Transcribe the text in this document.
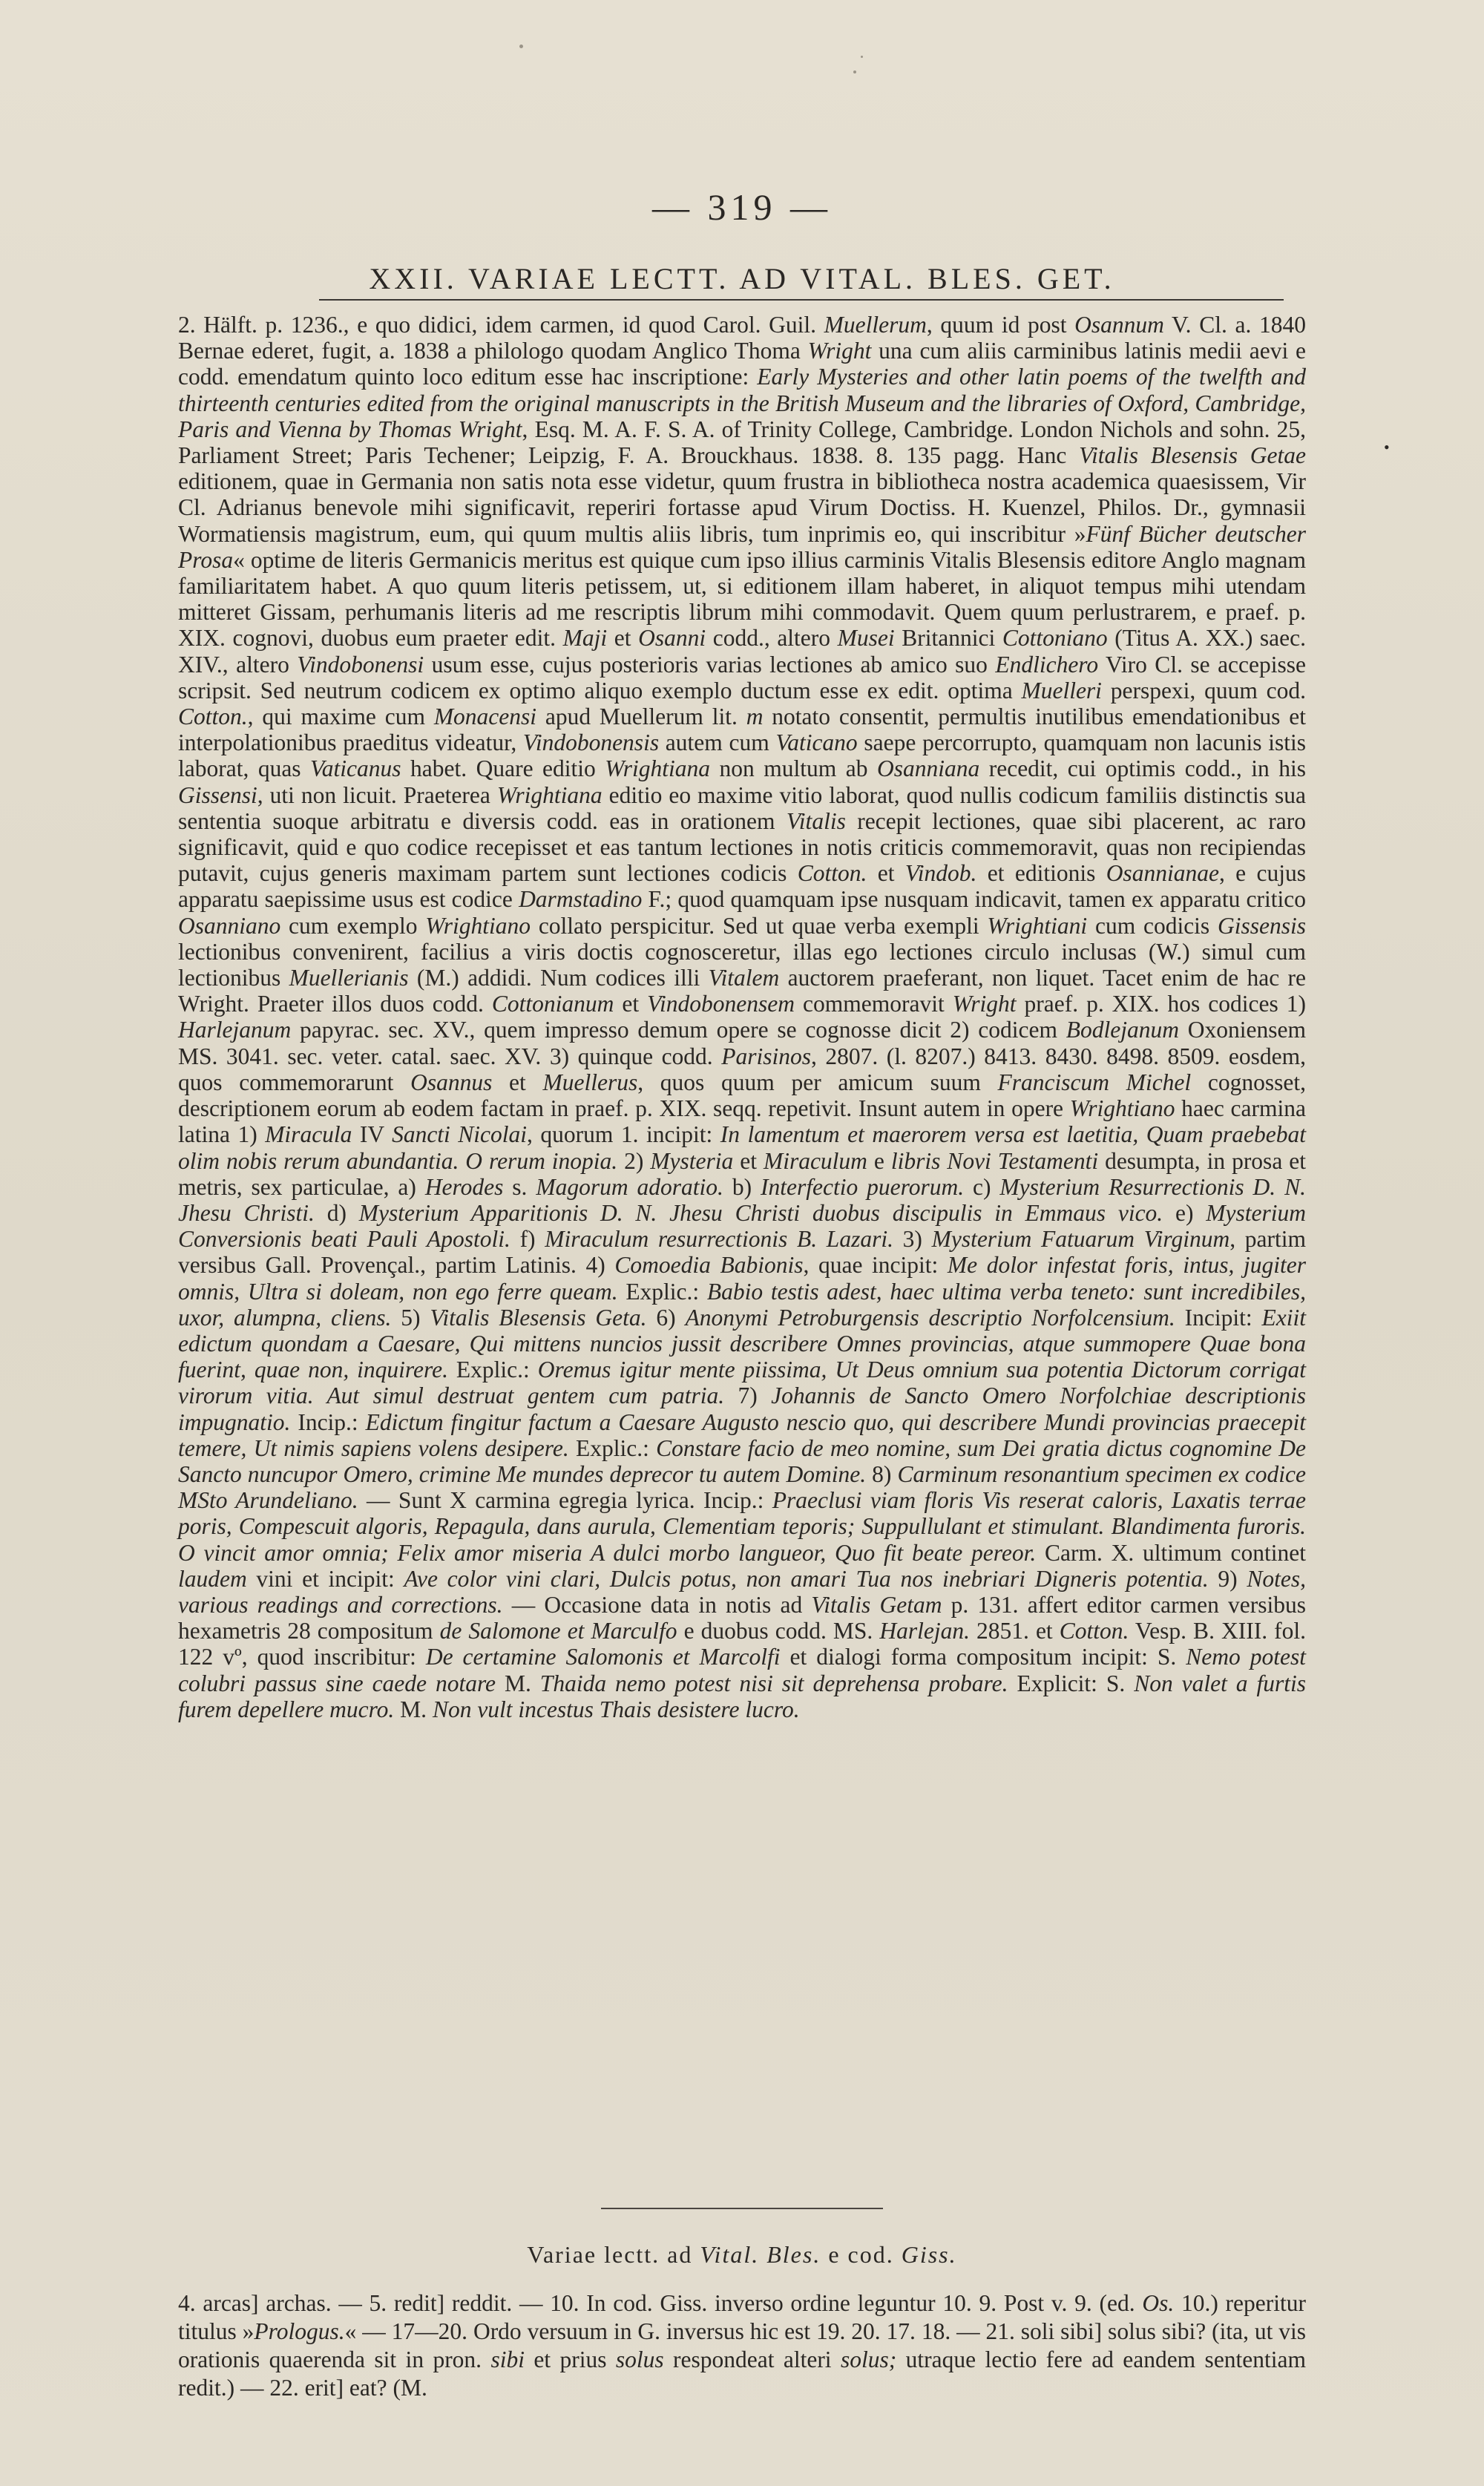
— 319 —
XXII. VARIAE LECTT. AD VITAL. BLES. GET.
•
2. Hälft. p. 1236., e quo didici, idem carmen, id quod Carol. Guil. Muellerum, quum id post Osannum V. Cl. a. 1840 Bernae ederet, fugit, a. 1838 a philologo quodam Anglico Thoma Wright una cum aliis carminibus latinis medii aevi e codd. emendatum quinto loco editum esse hac inscriptione: Early Mysteries and other latin poems of the twelfth and thirteenth centuries edited from the original manuscripts in the British Museum and the libraries of Oxford, Cambridge, Paris and Vienna by Thomas Wright, Esq. M. A. F. S. A. of Trinity College, Cambridge. London Nichols and sohn. 25, Parliament Street; Paris Techener; Leipzig, F. A. Brouckhaus. 1838. 8. 135 pagg. Hanc Vitalis Blesensis Getae editionem, quae in Germania non satis nota esse videtur, quum frustra in bibliotheca nostra academica quaesissem, Vir Cl. Adrianus benevole mihi significavit, reperiri fortasse apud Virum Doctiss. H. Kuenzel, Philos. Dr., gymnasii Wormatiensis magistrum, eum, qui quum multis aliis libris, tum inprimis eo, qui inscribitur »Fünf Bücher deutscher Prosa« optime de literis Germanicis meritus est quique cum ipso illius carminis Vitalis Blesensis editore Anglo magnam familiaritatem habet. A quo quum literis petissem, ut, si editionem illam haberet, in aliquot tempus mihi utendam mitteret Gissam, perhumanis literis ad me rescriptis librum mihi commodavit. Quem quum perlustrarem, e praef. p. XIX. cognovi, duobus eum praeter edit. Maji et Osanni codd., altero Musei Britannici Cottoniano (Titus A. XX.) saec. XIV., altero Vindobonensi usum esse, cujus posterioris varias lectiones ab amico suo Endlichero Viro Cl. se accepisse scripsit. Sed neutrum codicem ex optimo aliquo exemplo ductum esse ex edit. optima Muelleri perspexi, quum cod. Cotton., qui maxime cum Monacensi apud Muellerum lit. m notato consentit, permultis inutilibus emendationibus et interpolationibus praeditus videatur, Vindobonensis autem cum Vaticano saepe percorrupto, quamquam non lacunis istis laborat, quas Vaticanus habet. Quare editio Wrightiana non multum ab Osanniana recedit, cui optimis codd., in his Gissensi, uti non licuit. Praeterea Wrightiana editio eo maxime vitio laborat, quod nullis codicum familiis distinctis sua sententia suoque arbitratu e diversis codd. eas in orationem Vitalis recepit lectiones, quae sibi placerent, ac raro significavit, quid e quo codice recepisset et eas tantum lectiones in notis criticis commemoravit, quas non recipiendas putavit, cujus generis maximam partem sunt lectiones codicis Cotton. et Vindob. et editionis Osannianae, e cujus apparatu saepissime usus est codice Darmstadino F.; quod quamquam ipse nusquam indicavit, tamen ex apparatu critico Osanniano cum exemplo Wrightiano collato perspicitur. Sed ut quae verba exempli Wrightiani cum codicis Gissensis lectionibus convenirent, facilius a viris doctis cognosceretur, illas ego lectiones circulo inclusas (W.) simul cum lectionibus Muellerianis (M.) addidi. Num codices illi Vitalem auctorem praeferant, non liquet. Tacet enim de hac re Wright. Praeter illos duos codd. Cottonianum et Vindobonensem commemoravit Wright praef. p. XIX. hos codices 1) Harlejanum papyrac. sec. XV., quem impresso demum opere se cognosse dicit 2) codicem Bodlejanum Oxoniensem MS. 3041. sec. veter. catal. saec. XV. 3) quinque codd. Parisinos, 2807. (l. 8207.) 8413. 8430. 8498. 8509. eosdem, quos commemorarunt Osannus et Muellerus, quos quum per amicum suum Franciscum Michel cognosset, descriptionem eorum ab eodem factam in praef. p. XIX. seqq. repetivit. Insunt autem in opere Wrightiano haec carmina latina 1) Miracula IV Sancti Nicolai, quorum 1. incipit: In lamentum et maerorem versa est laetitia, Quam praebebat olim nobis rerum abundantia. O rerum inopia. 2) Mysteria et Miraculum e libris Novi Testamenti desumpta, in prosa et metris, sex particulae, a) Herodes s. Magorum adoratio. b) Interfectio puerorum. c) Mysterium Resurrectionis D. N. Jhesu Christi. d) Mysterium Apparitionis D. N. Jhesu Christi duobus discipulis in Emmaus vico. e) Mysterium Conversionis beati Pauli Apostoli. f) Miraculum resurrectionis B. Lazari. 3) Mysterium Fatuarum Virginum, partim versibus Gall. Provençal., partim Latinis. 4) Comoedia Babionis, quae incipit: Me dolor infestat foris, intus, jugiter omnis, Ultra si doleam, non ego ferre queam. Explic.: Babio testis adest, haec ultima verba teneto: sunt incredibiles, uxor, alumpna, cliens. 5) Vitalis Blesensis Geta. 6) Anonymi Petroburgensis descriptio Norfolcensium. Incipit: Exiit edictum quondam a Caesare, Qui mittens nuncios jussit describere Omnes provincias, atque summopere Quae bona fuerint, quae non, inquirere. Explic.: Oremus igitur mente piissima, Ut Deus omnium sua potentia Dictorum corrigat virorum vitia. Aut simul destruat gentem cum patria. 7) Johannis de Sancto Omero Norfolchiae descriptionis impugnatio. Incip.: Edictum fingitur factum a Caesare Augusto nescio quo, qui describere Mundi provincias praecepit temere, Ut nimis sapiens volens desipere. Explic.: Constare facio de meo nomine, sum Dei gratia dictus cognomine De Sancto nuncupor Omero, crimine Me mundes deprecor tu autem Domine. 8) Carminum resonantium specimen ex codice MSto Arundeliano. — Sunt X carmina egregia lyrica. Incip.: Praeclusi viam floris Vis reserat caloris, Laxatis terrae poris, Compescuit algoris, Repagula, dans aurula, Clementiam teporis; Suppullulant et stimulant. Blandimenta furoris. O vincit amor omnia; Felix amor miseria A dulci morbo langueor, Quo fit beate pereor. Carm. X. ultimum continet laudem vini et incipit: Ave color vini clari, Dulcis potus, non amari Tua nos inebriari Digneris potentia. 9) Notes, various readings and corrections. — Occasione data in notis ad Vitalis Getam p. 131. affert editor carmen versibus hexametris 28 compositum de Salomone et Marculfo e duobus codd. MS. Harlejan. 2851. et Cotton. Vesp. B. XIII. fol. 122 vº, quod inscribitur: De certamine Salomonis et Marcolfi et dialogi forma compositum incipit: S. Nemo potest colubri passus sine caede notare M. Thaida nemo potest nisi sit deprehensa probare. Explicit: S. Non valet a furtis furem depellere mucro. M. Non vult incestus Thais desistere lucro.
Variae lectt. ad Vital. Bles. e cod. Giss.
4. arcas] archas. — 5. redit] reddit. — 10. In cod. Giss. inverso ordine leguntur 10. 9. Post v. 9. (ed. Os. 10.) reperitur titulus »Prologus.« — 17—20. Ordo versuum in G. inversus hic est 19. 20. 17. 18. — 21. soli sibi] solus sibi? (ita, ut vis orationis quaerenda sit in pron. sibi et prius solus respondeat alteri solus; utraque lectio fere ad eandem sententiam redit.) — 22. erit] eat? (M.
